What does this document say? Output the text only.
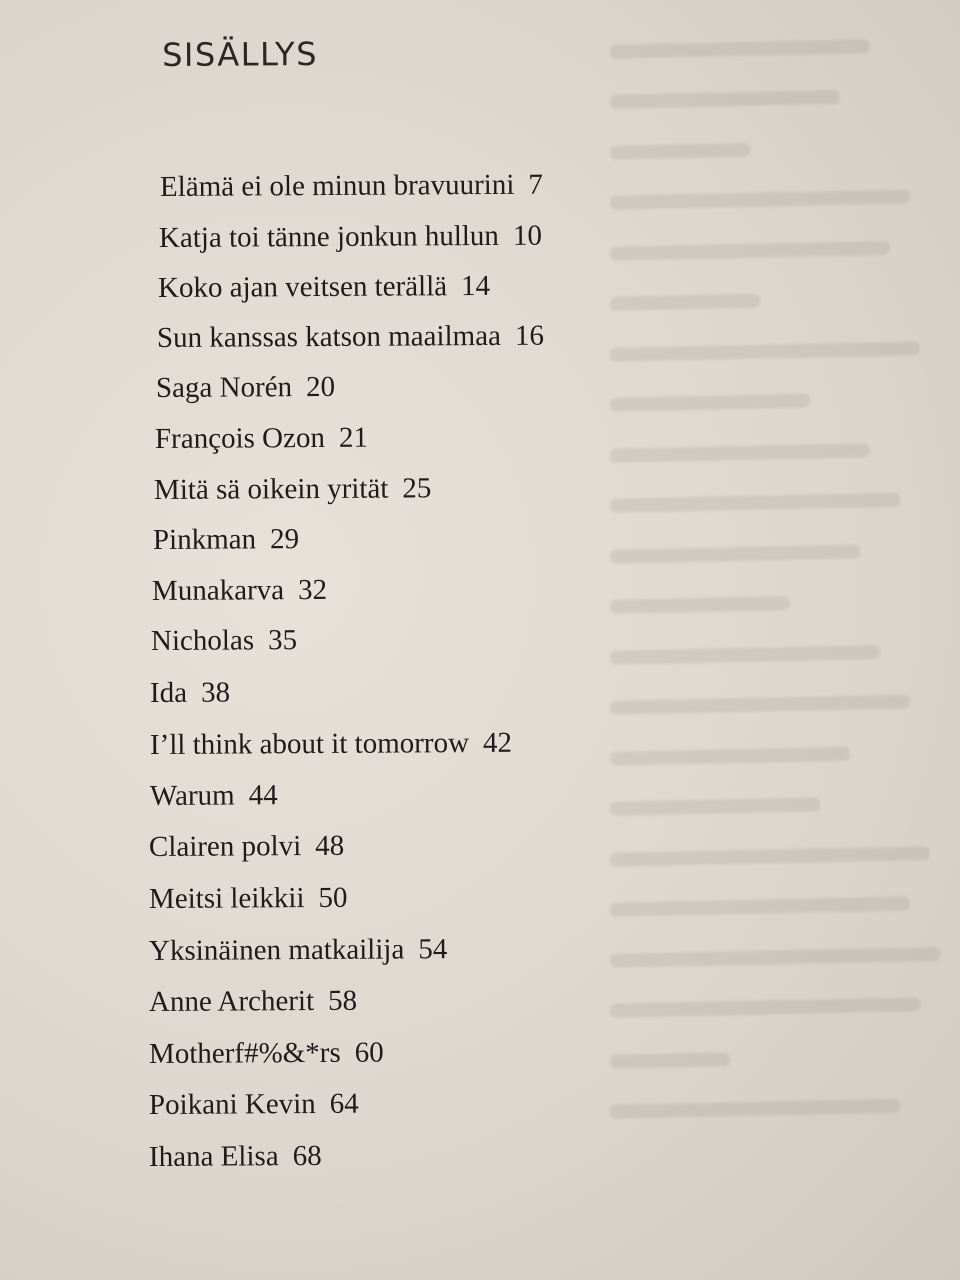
SISÄLLYS
Elämä ei ole minun bravuurini 7
Katja toi tänne jonkun hullun 10
Koko ajan veitsen terällä 14
Sun kanssas katson maailmaa 16
Saga Norén 20
François Ozon 21
Mitä sä oikein yrität 25
Pinkman 29
Munakarva 32
Nicholas 35
Ida 38
I’ll think about it tomorrow 42
Warum 44
Clairen polvi 48
Meitsi leikkii 50
Yksinäinen matkailija 54
Anne Archerit 58
Motherf#%&*rs 60
Poikani Kevin 64
Ihana Elisa 68
